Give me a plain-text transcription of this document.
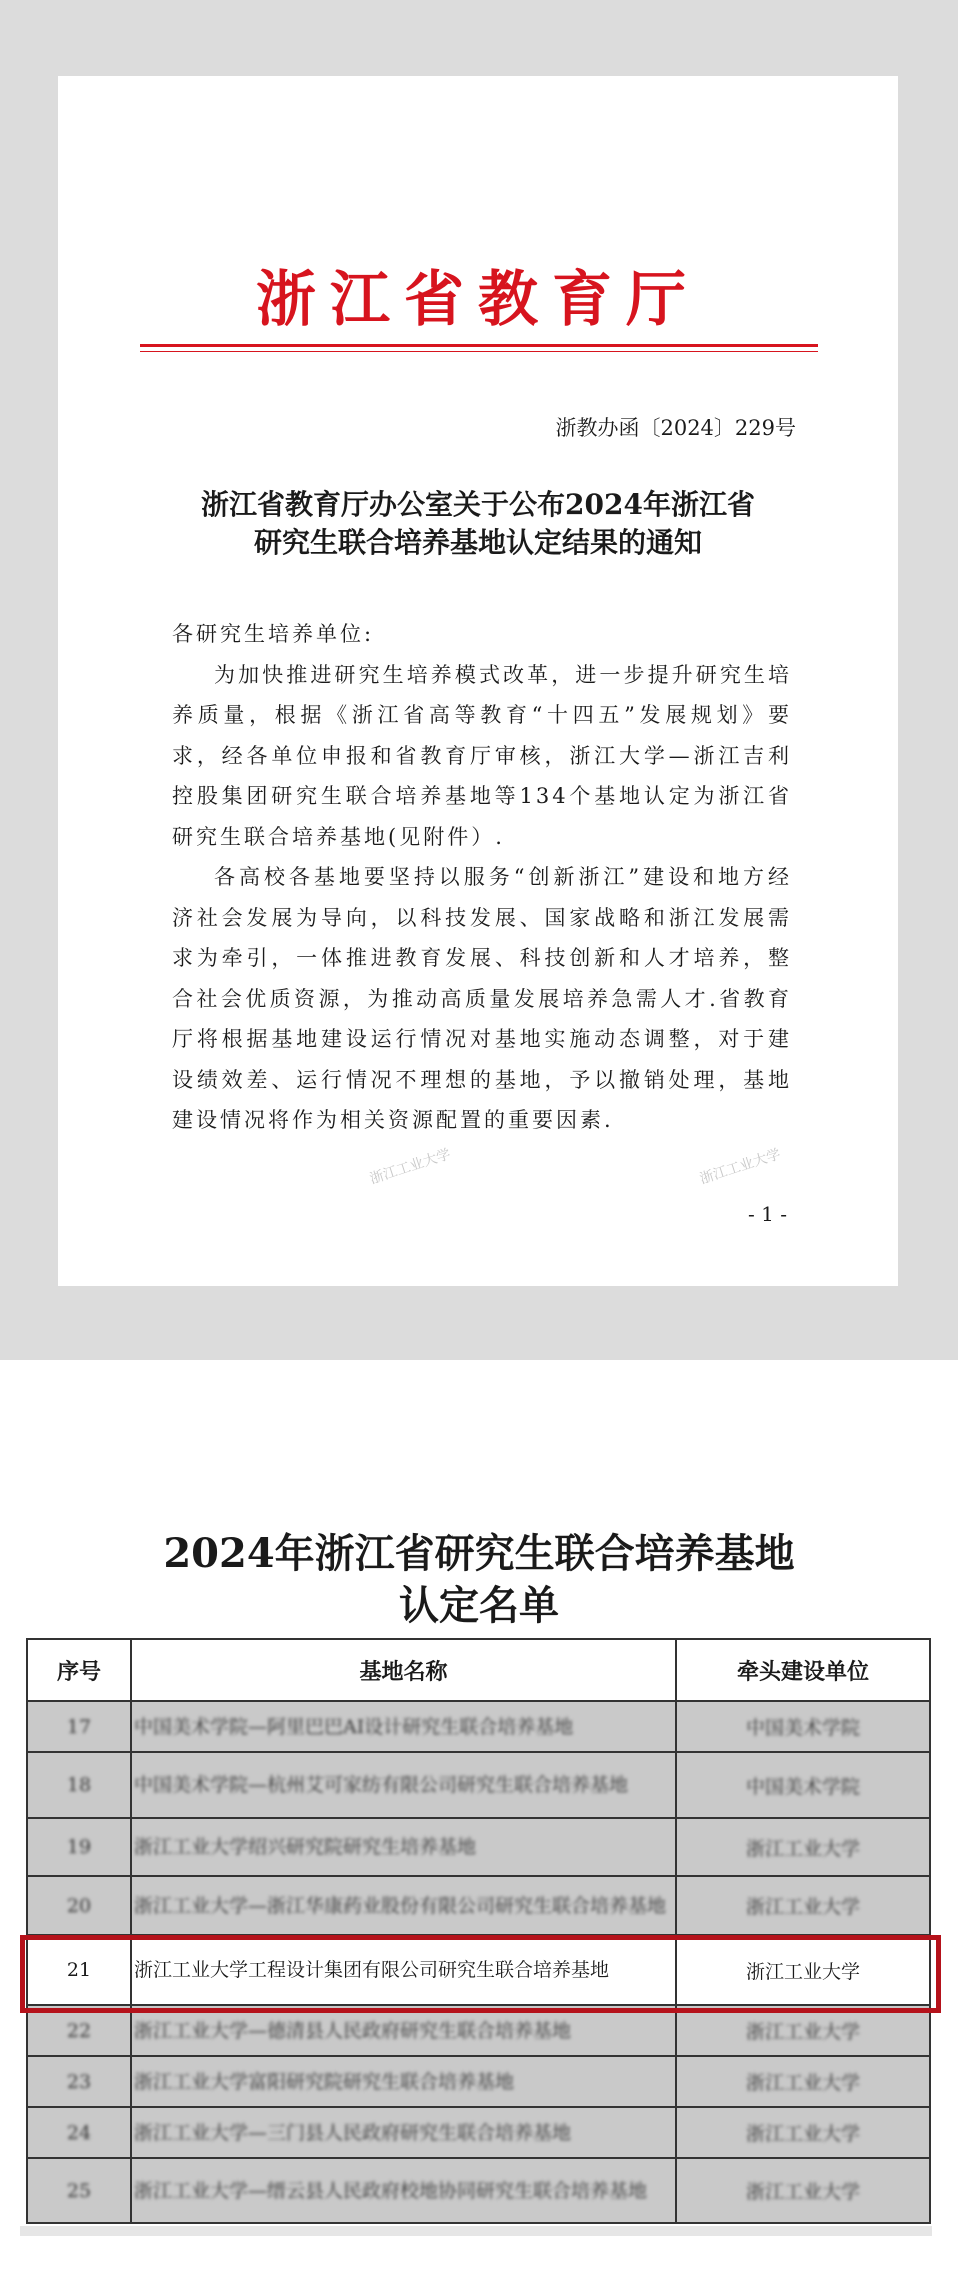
浙江省教育厅
浙教办函〔2024〕229号
浙江省教育厅办公室关于公布2024年浙江省
研究生联合培养基地认定结果的通知

各研究生培养单位:

为加快推进研究生培养模式改革，进一步提升研究生培养质量，根据《浙江省高等教育“十四五”发展规划》要求，经各单位申报和省教育厅审核，浙江大学—浙江吉利控股集团研究生联合培养基地等134个基地认定为浙江省研究生联合培养基地(见附件）.

各高校各基地要坚持以服务“创新浙江”建设和地方经济社会发展为导向，以科技发展、国家战略和浙江发展需求为牵引，一体推进教育发展、科技创新和人才培养，整合社会优质资源，为推动高质量发展培养急需人才.省教育厅将根据基地建设运行情况对基地实施动态调整，对于建设绩效差、运行情况不理想的基地，予以撤销处理，基地建设情况将作为相关资源配置的重要因素.

浙江工业大学	浙江工业大学
- 1 -
2024年浙江省研究生联合培养基地
认定名单
序号	基地名称	牵头建设单位
17	中国美术学院—阿里巴巴AI设计研究生联合培养基地	中国美术学院
18	中国美术学院—杭州艾可家纺有限公司研究生联合培养基地	中国美术学院
19	浙江工业大学绍兴研究院研究生培养基地	浙江工业大学
20	浙江工业大学—浙江华康药业股份有限公司研究生联合培养基地	浙江工业大学
21	浙江工业大学工程设计集团有限公司研究生联合培养基地	浙江工业大学
22	浙江工业大学—德清县人民政府研究生联合培养基地	浙江工业大学
23	浙江工业大学富阳研究院研究生联合培养基地	浙江工业大学
24	浙江工业大学—三门县人民政府研究生联合培养基地	浙江工业大学
25	浙江工业大学—缙云县人民政府校地协同研究生联合培养基地	浙江工业大学
